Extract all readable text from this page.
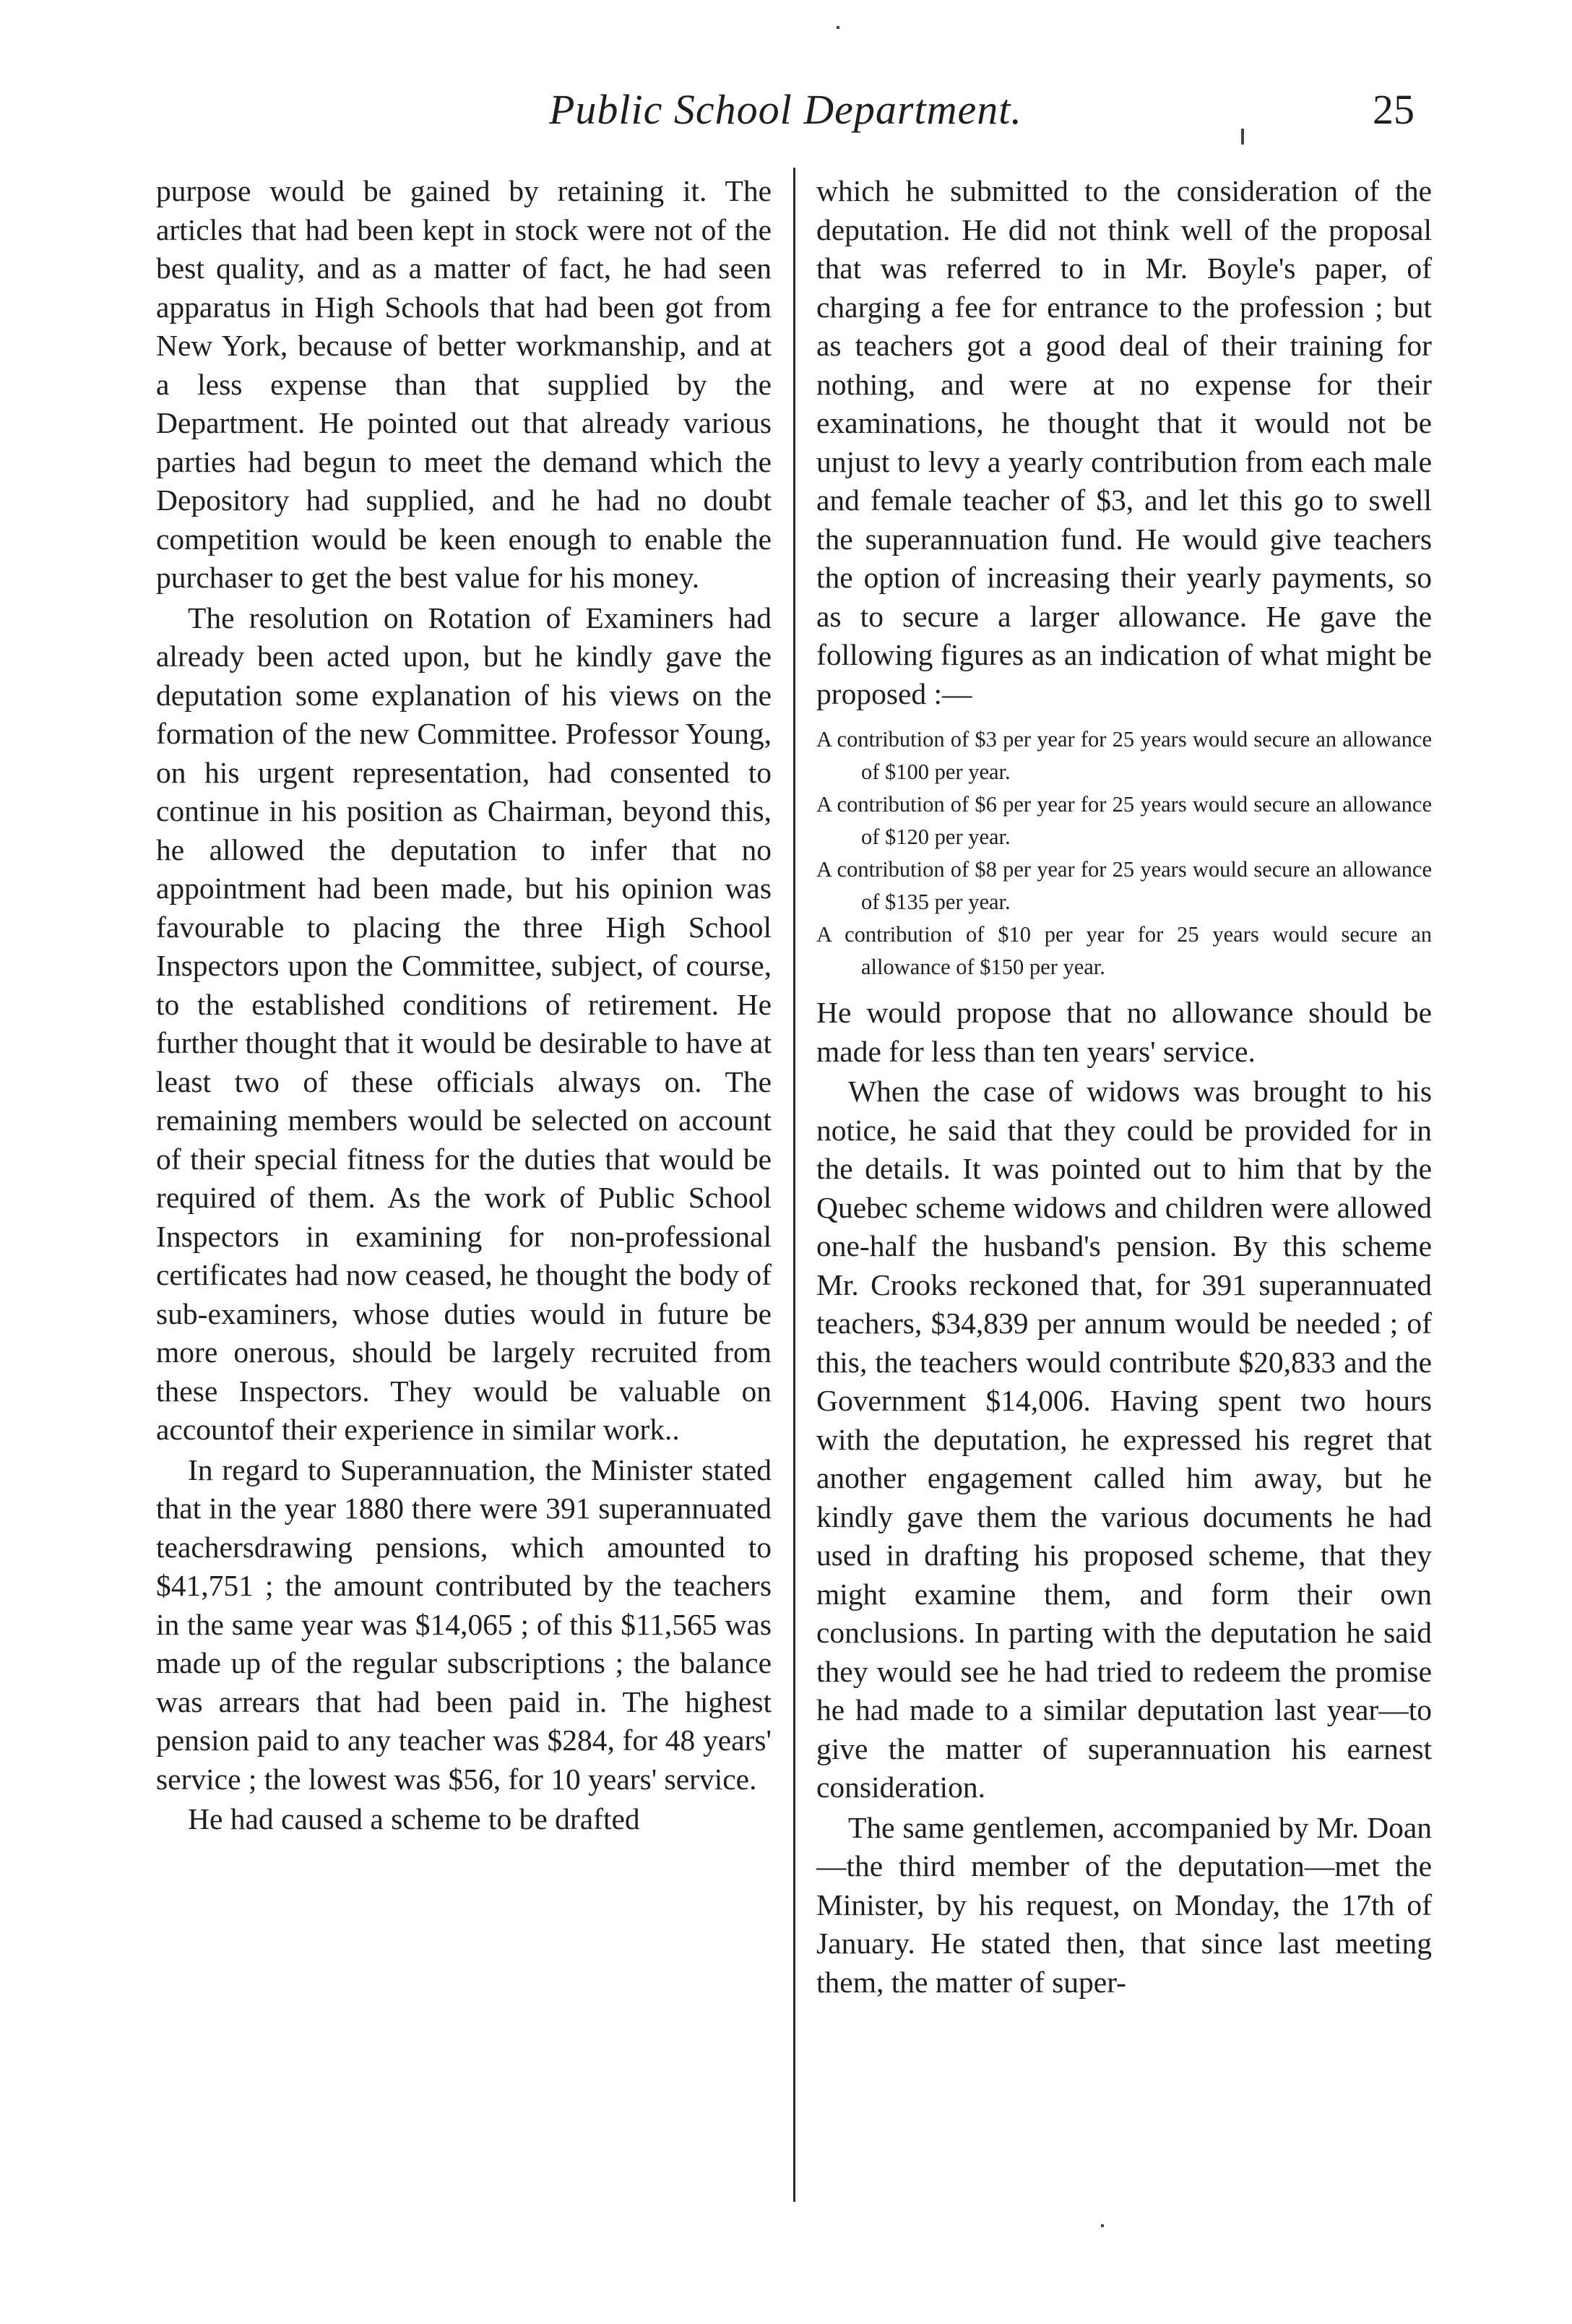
Public School Department.	25

purpose would be gained by retaining it. The articles that had been kept in stock were not of the best quality, and as a matter of fact, he had seen apparatus in High Schools that had been got from New York, because of better workmanship, and at a less expense than that supplied by the Department. He pointed out that already various parties had begun to meet the demand which the Depository had supplied, and he had no doubt competition would be keen enough to enable the purchaser to get the best value for his money.

The resolution on Rotation of Examiners had already been acted upon, but he kindly gave the deputation some explanation of his views on the formation of the new Committee. Professor Young, on his urgent representation, had consented to continue in his position as Chairman, beyond this, he allowed the deputation to infer that no appointment had been made, but his opinion was favourable to placing the three High School Inspectors upon the Committee, subject, of course, to the established conditions of retirement. He further thought that it would be desirable to have at least two of these officials always on. The remaining members would be selected on account of their special fitness for the duties that would be required of them. As the work of Public School Inspectors in examining for non-professional certificates had now ceased, he thought the body of sub-examiners, whose duties would in future be more onerous, should be largely recruited from these Inspectors. They would be valuable on accountof their experience in similar work..

In regard to Superannuation, the Minister stated that in the year 1880 there were 391 superannuated teachersdrawing pensions, which amounted to $41,751 ; the amount contributed by the teachers in the same year was $14,065 ; of this $11,565 was made up of the regular subscriptions ; the balance was arrears that had been paid in. The highest pension paid to any teacher was $284, for 48 years' service ; the lowest was $56, for 10 years' service.

He had caused a scheme to be drafted

which he submitted to the consideration of the deputation. He did not think well of the proposal that was referred to in Mr. Boyle's paper, of charging a fee for entrance to the profession ; but as teachers got a good deal of their training for nothing, and were at no expense for their examinations, he thought that it would not be unjust to levy a yearly contribution from each male and female teacher of $3, and let this go to swell the superannuation fund. He would give teachers the option of increasing their yearly payments, so as to secure a larger allowance. He gave the following figures as an indication of what might be proposed :—

A contribution of $3 per year for 25 years would secure an allowance of $100 per year.
A contribution of $6 per year for 25 years would secure an allowance of $120 per year.
A contribution of $8 per year for 25 years would secure an allowance of $135 per year.
A contribution of $10 per year for 25 years would secure an allowance of $150 per year.

He would propose that no allowance should be made for less than ten years' service.

When the case of widows was brought to his notice, he said that they could be provided for in the details. It was pointed out to him that by the Quebec scheme widows and children were allowed one-half the husband's pension. By this scheme Mr. Crooks reckoned that, for 391 superannuated teachers, $34,839 per annum would be needed ; of this, the teachers would contribute $20,833 and the Government $14,006. Having spent two hours with the deputation, he expressed his regret that another engagement called him away, but he kindly gave them the various documents he had used in drafting his proposed scheme, that they might examine them, and form their own conclusions. In parting with the deputation he said they would see he had tried to redeem the promise he had made to a similar deputation last year—to give the matter of superannuation his earnest consideration.

The same gentlemen, accompanied by Mr. Doan—the third member of the deputation—met the Minister, by his request, on Monday, the 17th of January. He stated then, that since last meeting them, the matter of super-
